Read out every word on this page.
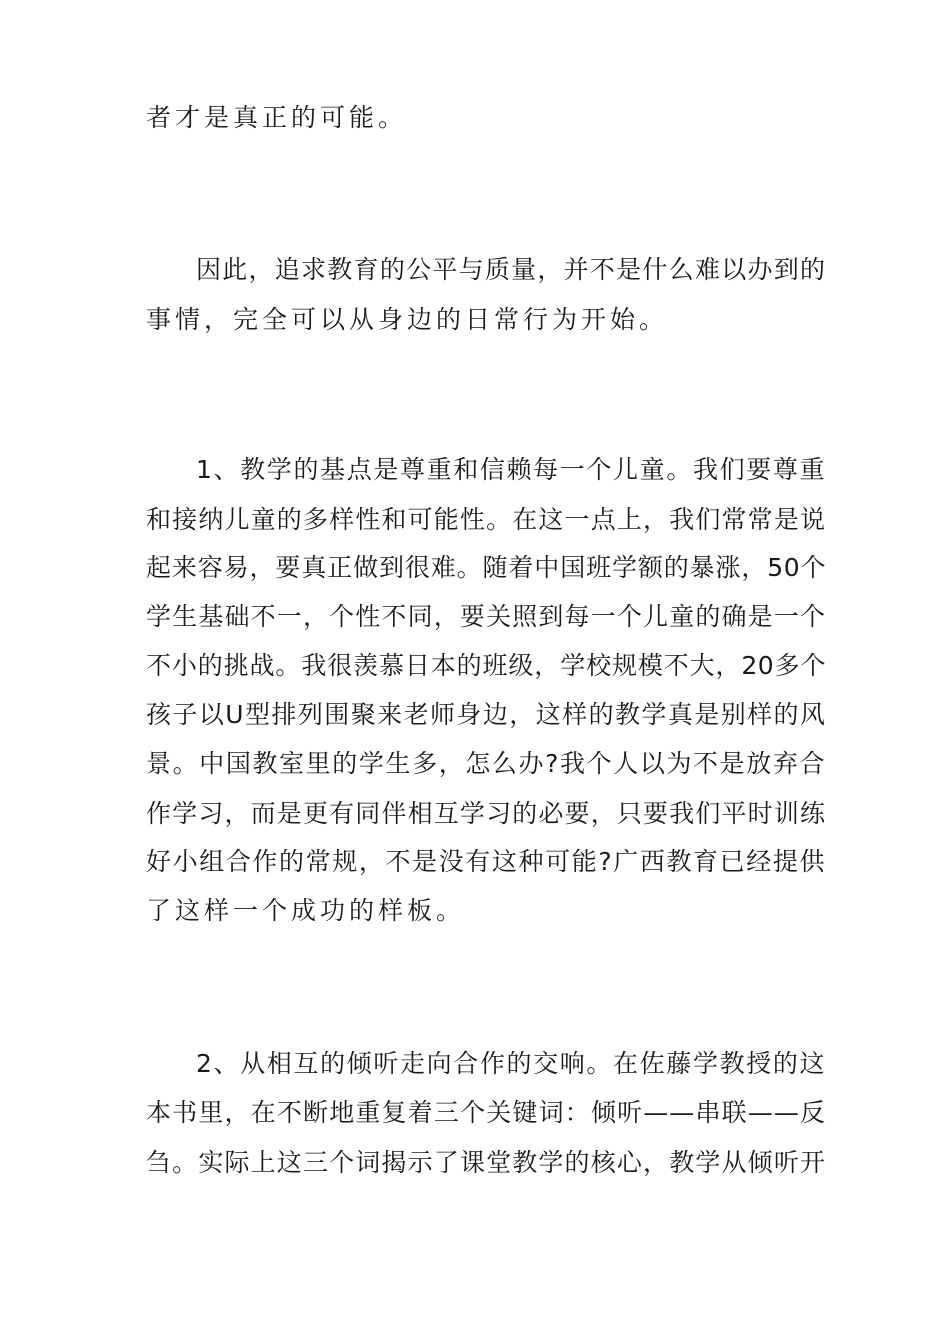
者才是真正的可能。
因此，追求教育的公平与质量，并不是什么难以办到的
事情，完全可以从身边的日常行为开始。
1、教学的基点是尊重和信赖每一个儿童。我们要尊重
和接纳儿童的多样性和可能性。在这一点上，我们常常是说
起来容易，要真正做到很难。随着中国班学额的暴涨，50个
学生基础不一，个性不同，要关照到每一个儿童的确是一个
不小的挑战。我很羡慕日本的班级，学校规模不大，20多个
孩子以U型排列围聚来老师身边，这样的教学真是别样的风
景。中国教室里的学生多，怎么办?我个人以为不是放弃合
作学习，而是更有同伴相互学习的必要，只要我们平时训练
好小组合作的常规，不是没有这种可能?广西教育已经提供
了这样一个成功的样板。
2、从相互的倾听走向合作的交响。在佐藤学教授的这
本书里，在不断地重复着三个关键词：倾听——串联——反
刍。实际上这三个词揭示了课堂教学的核心，教学从倾听开
